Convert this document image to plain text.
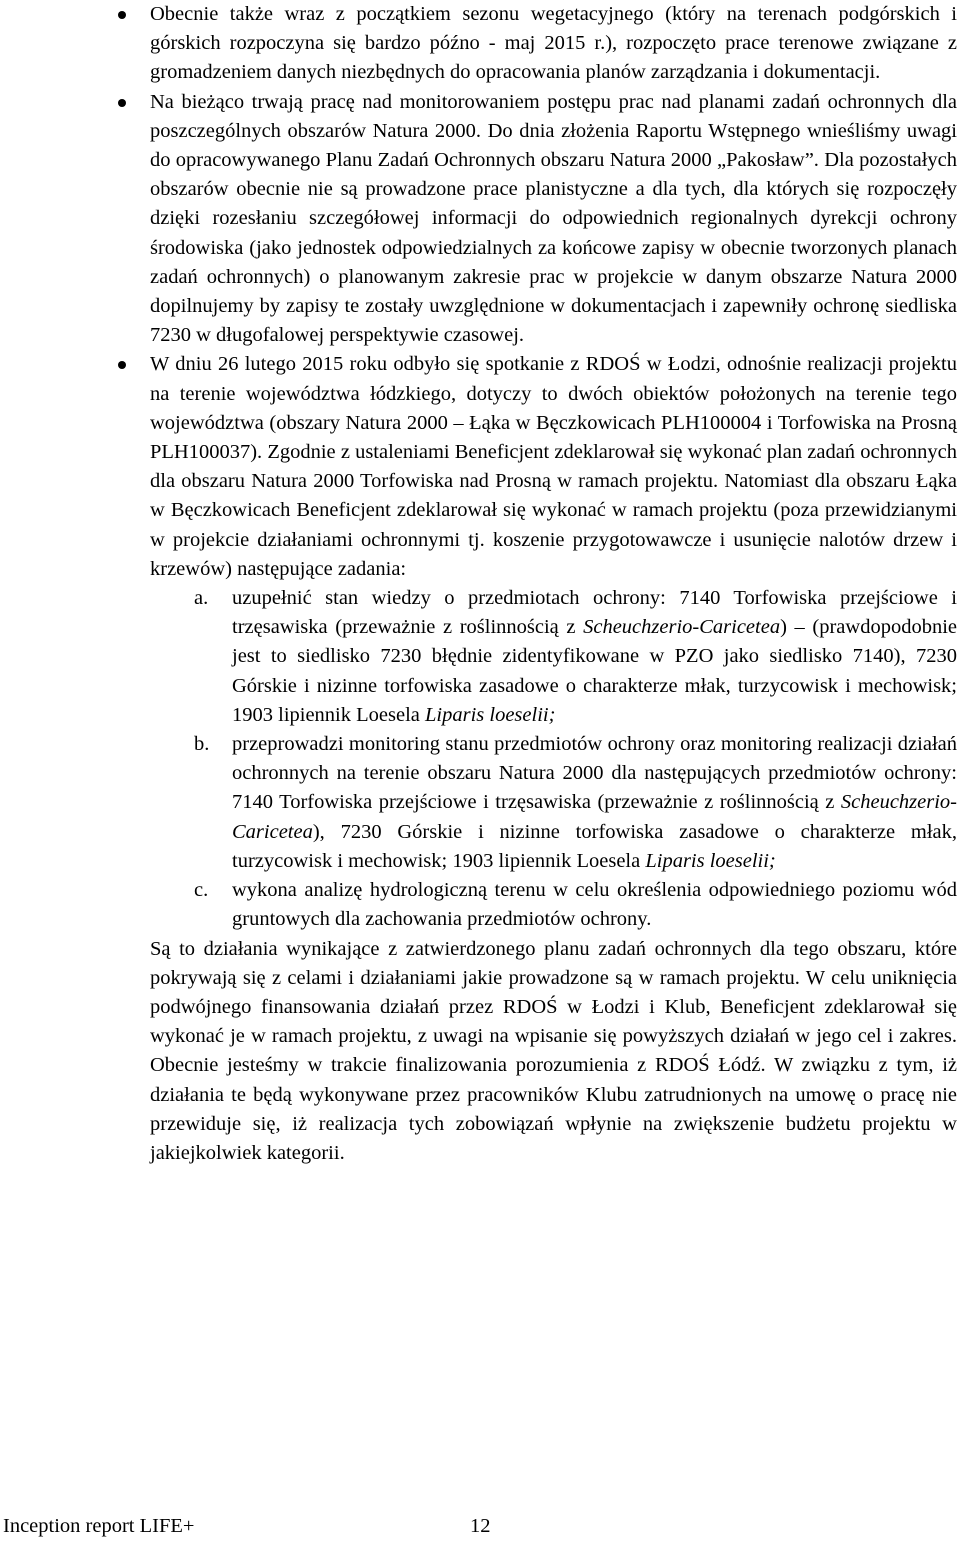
Obecnie także wraz z początkiem sezonu wegetacyjnego (który na terenach podgórskich i górskich rozpoczyna się bardzo późno - maj 2015 r.), rozpoczęto prace terenowe związane z gromadzeniem danych niezbędnych do opracowania planów zarządzania i dokumentacji.
Na bieżąco trwają pracę nad monitorowaniem postępu prac nad planami zadań ochronnych dla poszczególnych obszarów Natura 2000. Do dnia złożenia Raportu Wstępnego wnieśliśmy uwagi do opracowywanego Planu Zadań Ochronnych obszaru Natura 2000 „Pakosław”. Dla pozostałych obszarów obecnie nie są prowadzone prace planistyczne a dla tych, dla których się rozpoczęły dzięki rozesłaniu szczegółowej informacji do odpowiednich regionalnych dyrekcji ochrony środowiska (jako jednostek odpowiedzialnych za końcowe zapisy w obecnie tworzonych planach zadań ochronnych) o planowanym zakresie prac w projekcie w danym obszarze Natura 2000 dopilnujemy by zapisy te zostały uwzględnione w dokumentacjach i zapewniły ochronę siedliska 7230 w długofalowej perspektywie czasowej.
W dniu 26 lutego 2015 roku odbyło się spotkanie z RDOŚ w Łodzi, odnośnie realizacji projektu na terenie województwa łódzkiego, dotyczy to dwóch obiektów położonych na terenie tego województwa (obszary Natura 2000 – Łąka w Bęczkowicach PLH100004 i Torfowiska na Prosną PLH100037). Zgodnie z ustaleniami Beneficjent zdeklarował się wykonać plan zadań ochronnych dla obszaru Natura 2000 Torfowiska nad Prosną w ramach projektu. Natomiast dla obszaru Łąka w Bęczkowicach Beneficjent zdeklarował się wykonać w ramach projektu (poza przewidzianymi w projekcie działaniami ochronnymi tj. koszenie przygotowawcze i usunięcie nalotów drzew i krzewów) następujące zadania:
a. uzupełnić stan wiedzy o przedmiotach ochrony: 7140 Torfowiska przejściowe i trzęsawiska (przeważnie z roślinnością z Scheuchzerio-Caricetea) – (prawdopodobnie jest to siedlisko 7230 błędnie zidentyfikowane w PZO jako siedlisko 7140), 7230 Górskie i nizinne torfowiska zasadowe o charakterze młak, turzycowisk i mechowisk; 1903 lipiennik Loesela Liparis loeselii;
b. przeprowadzi monitoring stanu przedmiotów ochrony oraz monitoring realizacji działań ochronnych na terenie obszaru Natura 2000 dla następujących przedmiotów ochrony: 7140 Torfowiska przejściowe i trzęsawiska (przeważnie z roślinnością z Scheuchzerio-Caricetea), 7230 Górskie i nizinne torfowiska zasadowe o charakterze młak, turzycowisk i mechowisk; 1903 lipiennik Loesela Liparis loeselii;
c. wykona analizę hydrologiczną terenu w celu określenia odpowiedniego poziomu wód gruntowych dla zachowania przedmiotów ochrony.

Są to działania wynikające z zatwierdzonego planu zadań ochronnych dla tego obszaru, które pokrywają się z celami i działaniami jakie prowadzone są w ramach projektu. W celu uniknięcia podwójnego finansowania działań przez RDOŚ w Łodzi i Klub, Beneficjent zdeklarował się wykonać je w ramach projektu, z uwagi na wpisanie się powyższych działań w jego cel i zakres. Obecnie jesteśmy w trakcie finalizowania porozumienia z RDOŚ Łódź. W związku z tym, iż działania te będą wykonywane przez pracowników Klubu zatrudnionych na umowę o pracę nie przewiduje się, iż realizacja tych zobowiązań wpłynie na zwiększenie budżetu projektu w jakiejkolwiek kategorii.

Inception report LIFE+	12
